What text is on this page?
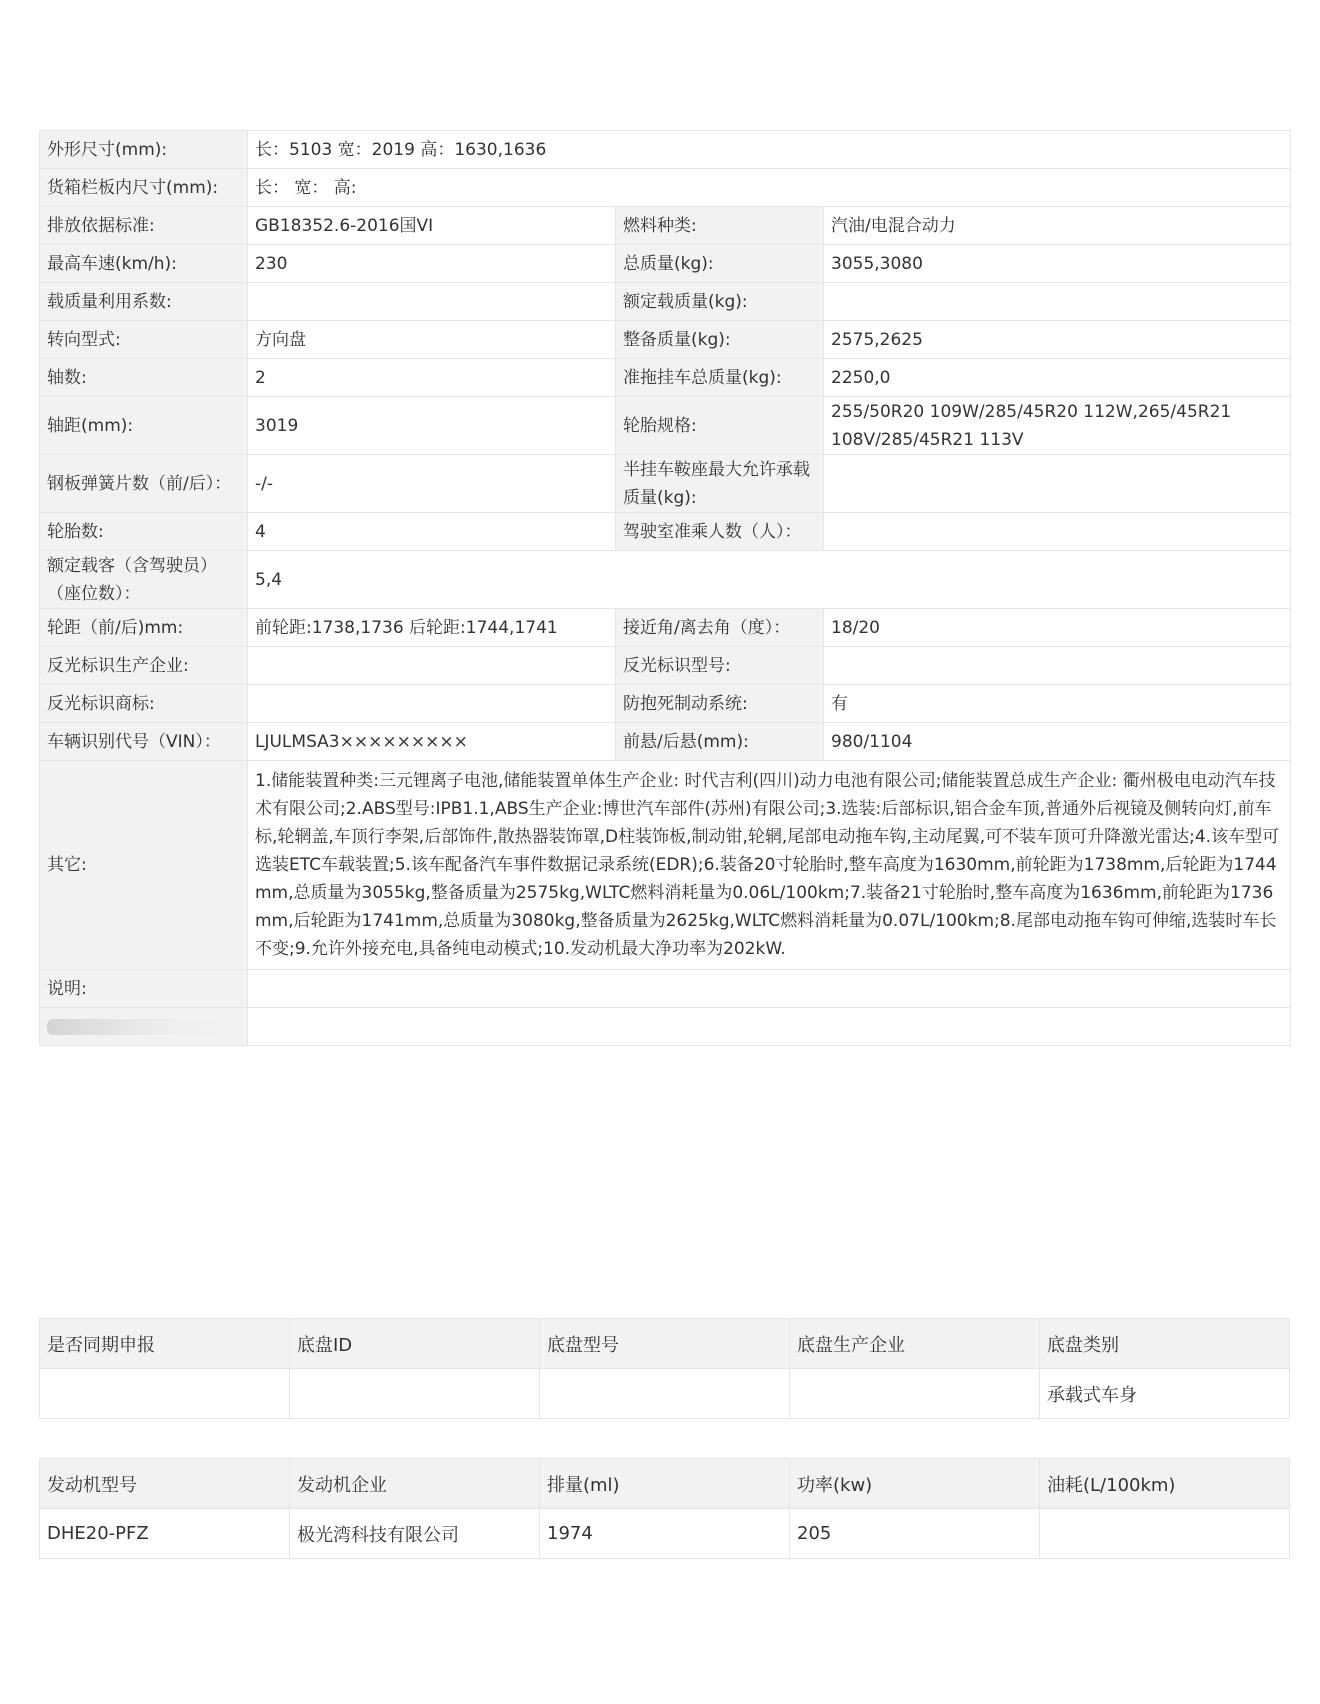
外形尺寸(mm):	长：5103 宽：2019 高：1630,1636		
货箱栏板内尺寸(mm):	长： 宽： 高:		
排放依据标准:	GB18352.6-2016国VI	燃料种类:	汽油/电混合动力
最高车速(km/h):	230	总质量(kg):	3055,3080
载质量利用系数:		额定载质量(kg):	
转向型式:	方向盘	整备质量(kg):	2575,2625
轴数:	2	准拖挂车总质量(kg):	2250,0
轴距(mm):	3019	轮胎规格:	255/50R20 109W/285/45R20 112W,265/45R21 108V/285/45R21 113V
钢板弹簧片数（前/后）：	-/-	半挂车鞍座最大允许承载质量(kg):	
轮胎数:	4	驾驶室准乘人数（人）：	
额定载客（含驾驶员）（座位数）：	5,4		
轮距（前/后)mm:	前轮距:1738,1736 后轮距:1744,1741	接近角/离去角（度）：	18/20
反光标识生产企业:		反光标识型号:	
反光标识商标:		防抱死制动系统:	有
车辆识别代号（VIN）：	LJULMSA3×××××××××	前悬/后悬(mm):	980/1104
其它:	1.储能装置种类:三元锂离子电池,储能装置单体生产企业: 时代吉利(四川)动力电池有限公司;储能装置总成生产企业: 衢州极电电动汽车技术有限公司;2.ABS型号:IPB1.1,ABS生产企业:博世汽车部件(苏州)有限公司;3.选装:后部标识,铝合金车顶,普通外后视镜及侧转向灯,前车标,轮辋盖,车顶行李架,后部饰件,散热器装饰罩,D柱装饰板,制动钳,轮辋,尾部电动拖车钩,主动尾翼,可不装车顶可升降激光雷达;4.该车型可选装ETC车载装置;5.该车配备汽车事件数据记录系统(EDR);6.装备20寸轮胎时,整车高度为1630mm,前轮距为1738mm,后轮距为1744mm,总质量为3055kg,整备质量为2575kg,WLTC燃料消耗量为0.06L/100km;7.装备21寸轮胎时,整车高度为1636mm,前轮距为1736mm,后轮距为1741mm,总质量为3080kg,整备质量为2625kg,WLTC燃料消耗量为0.07L/100km;8.尾部电动拖车钩可伸缩,选装时车长不变;9.允许外接充电,具备纯电动模式;10.发动机最大净功率为202kW.		
说明:			

是否同期申报	底盘ID	底盘型号	底盘生产企业	底盘类别
				承载式车身
发动机型号	发动机企业	排量(ml)	功率(kw)	油耗(L/100km)
DHE20-PFZ	极光湾科技有限公司	1974	205	
